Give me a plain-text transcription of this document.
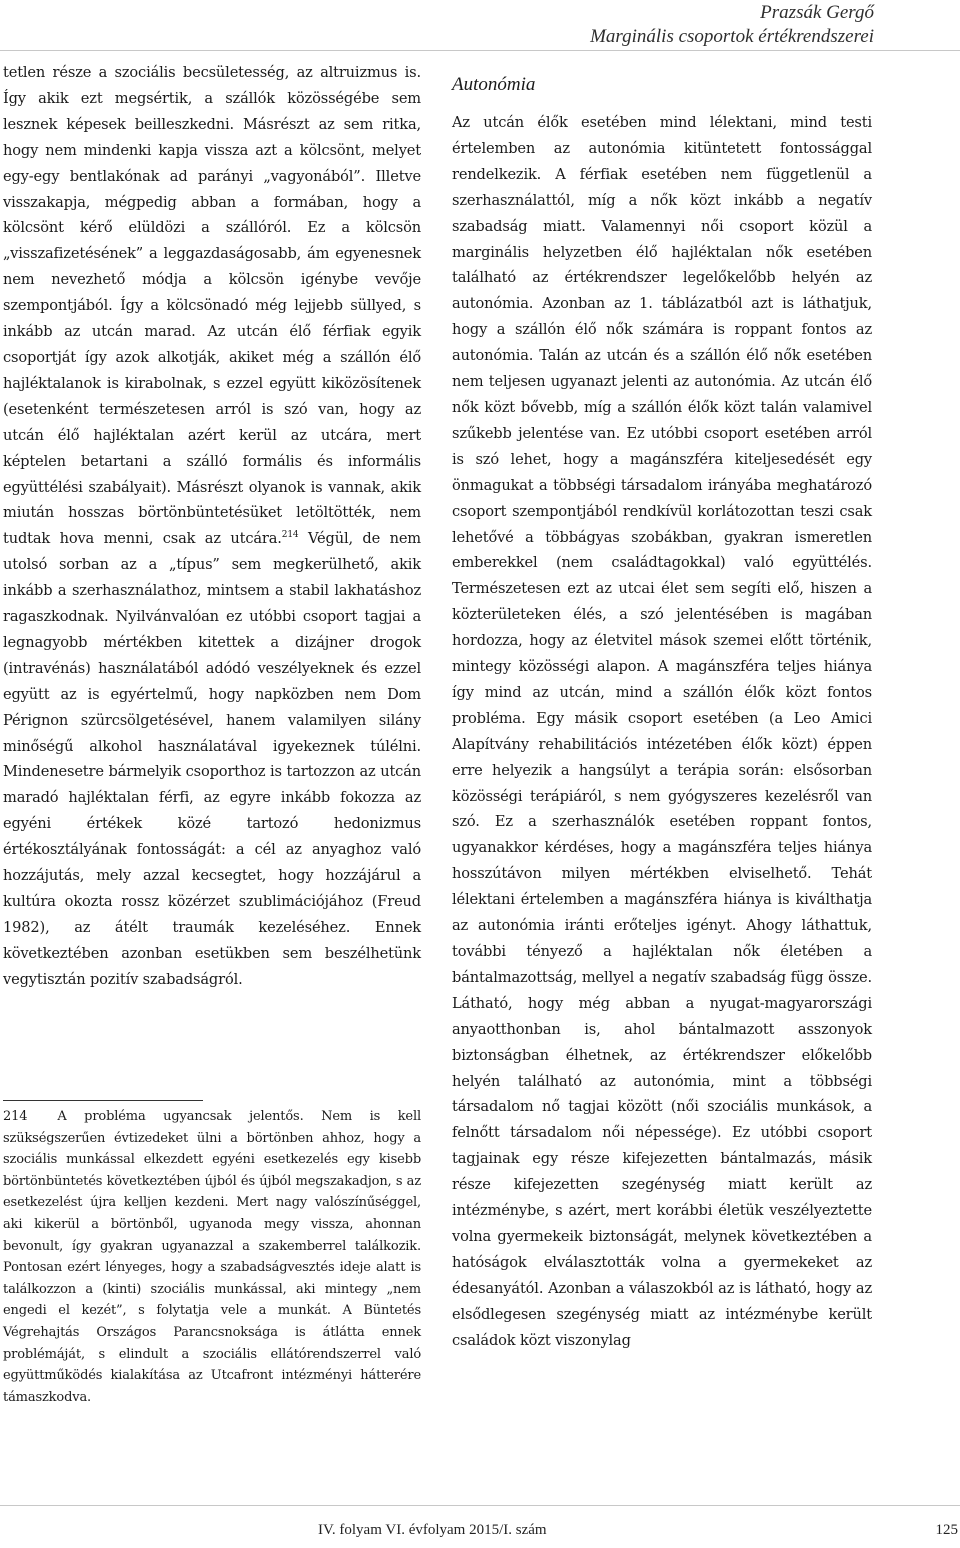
Prazsák Gergő
Marginális csoportok értékrendszerei

tetlen része a szociális becsületesség, az altruizmus is. Így akik ezt megsértik, a szállók közösségébe sem lesznek képesek beilleszkedni. Másrészt az sem ritka, hogy nem mindenki kapja vissza azt a kölcsönt, melyet egy-egy bentlakónak ad parányi „vagyonából”. Illetve visszakapja, mégpedig abban a formában, hogy a kölcsönt kérő elüldözi a szállóról. Ez a kölcsön „visszafizetésének” a leggazdaságosabb, ám egyenesnek nem nevezhető módja a kölcsön igénybe vevője szempontjából. Így a kölcsönadó még lejjebb süllyed, s inkább az utcán marad. Az utcán élő férfiak egyik csoportját így azok alkotják, akiket még a szállón élő hajléktalanok is kirabolnak, s ezzel együtt kiközösítenek (esetenként természetesen arról is szó van, hogy az utcán élő hajléktalan azért kerül az utcára, mert képtelen betartani a szálló formális és informális együttélési szabályait). Másrészt olyanok is vannak, akik miután hosszas börtönbüntetésüket letöltötték, nem tudtak hova menni, csak az utcára.$^{214}$ Végül, de nem utolsó sorban az a „típus” sem megkerülhető, akik inkább a szerhasználathoz, mintsem a stabil lakhatáshoz ragaszkodnak. Nyilvánvalóan ez utóbbi csoport tagjai a legnagyobb mértékben kitettek a dizájner drogok (intravénás) használatából adódó veszélyeknek és ezzel együtt az is egyértelmű, hogy napközben nem Dom Pérignon szürcsölgetésével, hanem valamilyen silány minőségű alkohol használatával igyekeznek túlélni. Mindenesetre bármelyik csoporthoz is tartozzon az utcán maradó hajléktalan férfi, az egyre inkább fokozza az egyéni értékek közé tartozó hedonizmus értékosztályának fontosságát: a cél az anyaghoz való hozzájutás, mely azzal kecsegtet, hogy hozzájárul a kultúra okozta rossz közérzet szublimációjához (Freud 1982), az átélt traumák kezeléséhez. Ennek következtében azonban esetükben sem beszélhetünk vegytisztán pozitív szabadságról.

214 A probléma ugyancsak jelentős. Nem is kell szükségszerűen évtizedeket ülni a börtönben ahhoz, hogy a szociális munkással elkezdett egyéni esetkezelés egy kisebb börtönbüntetés következtében újból és újból megszakadjon, s az esetkezelést újra kelljen kezdeni. Mert nagy valószínűséggel, aki kikerül a börtönből, ugyanoda megy vissza, ahonnan bevonult, így gyakran ugyanazzal a szakemberrel találkozik. Pontosan ezért lényeges, hogy a szabadságvesztés ideje alatt is találkozzon a (kinti) szociális munkással, aki mintegy „nem engedi el kezét”, s folytatja vele a munkát. A Büntetés Végrehajtás Országos Parancsnoksága is átlátta ennek problémáját, s elindult a szociális ellátórendszerrel való együttműködés kialakítása az Utcafront intézményi hátterére támaszkodva.

Autonómia

Az utcán élők esetében mind lélektani, mind testi értelemben az autonómia kitüntetett fontossággal rendelkezik. A férfiak esetében nem függetlenül a szerhasználattól, míg a nők közt inkább a negatív szabadság miatt. Valamennyi női csoport közül a marginális helyzetben élő hajléktalan nők esetében található az értékrendszer legelőkelőbb helyén az autonómia. Azonban az 1. táblázatból azt is láthatjuk, hogy a szállón élő nők számára is roppant fontos az autonómia. Talán az utcán és a szállón élő nők esetében nem teljesen ugyanazt jelenti az autonómia. Az utcán élő nők közt bővebb, míg a szállón élők közt talán valamivel szűkebb jelentése van. Ez utóbbi csoport esetében arról is szó lehet, hogy a magánszféra kiteljesedését egy önmagukat a többségi társadalom irányába meghatározó csoport szempontjából rendkívül korlátozottan teszi csak lehetővé a többágyas szobákban, gyakran ismeretlen emberekkel (nem családtagokkal) való együttélés. Természetesen ezt az utcai élet sem segíti elő, hiszen a közterületeken élés, a szó jelentésében is magában hordozza, hogy az életvitel mások szemei előtt történik, mintegy közösségi alapon. A magánszféra teljes hiánya így mind az utcán, mind a szállón élők közt fontos probléma. Egy másik csoport esetében (a Leo Amici Alapítvány rehabilitációs intézetében élők közt) éppen erre helyezik a hangsúlyt a terápia során: elsősorban közösségi terápiáról, s nem gyógyszeres kezelésről van szó. Ez a szerhasználók esetében roppant fontos, ugyanakkor kérdéses, hogy a magánszféra teljes hiánya hosszútávon milyen mértékben elviselhető. Tehát lélektani értelemben a magánszféra hiánya is kiválthatja az autonómia iránti erőteljes igényt. Ahogy láthattuk, további tényező a hajléktalan nők életében a bántalmazottság, mellyel a negatív szabadság függ össze. Látható, hogy még abban a nyugat-magyarországi anyaotthonban is, ahol bántalmazott asszonyok biztonságban élhetnek, az értékrendszer előkelőbb helyén található az autonómia, mint a többségi társadalom nő tagjai között (női szociális munkások, a felnőtt társadalom női népessége). Ez utóbbi csoport tagjainak egy része kifejezetten bántalmazás, másik része kifejezetten szegénység miatt került az intézménybe, s azért, mert korábbi életük veszélyeztette volna gyermekeik biztonságát, melynek következtében a hatóságok elválasztották volna a gyermekeket az édesanyától. Azonban a válaszokból az is látható, hogy az elsődlegesen szegénység miatt az intézménybe került családok közt viszonylag

IV. folyam VI. évfolyam 2015/I. szám	125
